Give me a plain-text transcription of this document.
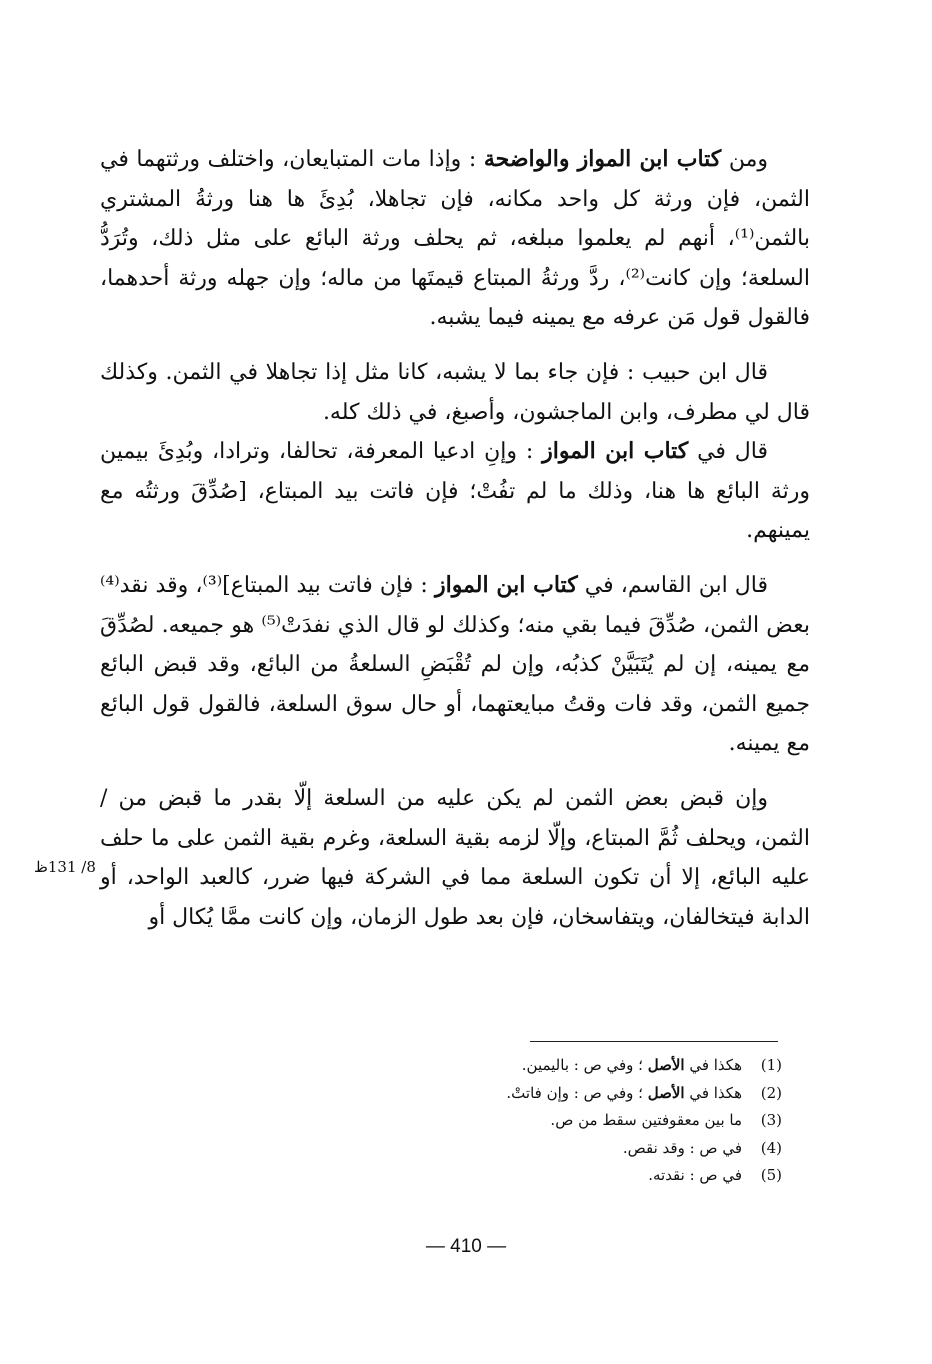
8/ 131ظ

ومن كتاب ابن المواز والواضحة : وإذا مات المتبايعان، واختلف ورثتهما في الثمن، فإن ورثة كل واحد مكانه، فإن تجاهلا، بُدِئَ ها هنا ورثةُ المشتري بالثمن⁽¹⁾، أنهم لم يعلموا مبلغه، ثم يحلف ورثة البائع على مثل ذلك، وتُرَدُّ السلعة؛ وإن كانت⁽²⁾، ردَّ ورثةُ المبتاع قيمتَها من ماله؛ وإن جهله ورثة أحدهما، فالقول قول مَن عرفه مع يمينه فيما يشبه.

قال ابن حبيب : فإن جاء بما لا يشبه، كانا مثل إذا تجاهلا في الثمن. وكذلك قال لي مطرف، وابن الماجشون، وأصبغ، في ذلك كله.

قال في كتاب ابن المواز : وإنِ ادعيا المعرفة، تحالفا، وترادا، وبُدِئَ بيمين ورثة البائع ها هنا، وذلك ما لم تفُتْ؛ فإن فاتت بيد المبتاع، [صُدِّقَ ورثتُه مع يمينهم.

قال ابن القاسم، في كتاب ابن المواز : فإن فاتت بيد المبتاع]⁽³⁾، وقد نقد⁽⁴⁾ بعض الثمن، صُدِّقَ فيما بقي منه؛ وكذلك لو قال الذي نفدَتْ⁽⁵⁾ هو جميعه. لصُدِّقَ مع يمينه، إن لم يُتَبَيَّنْ كذبُه، وإن لم تُقْبَضِ السلعةُ من البائع، وقد قبض البائع جميع الثمن، وقد فات وقتُ مبايعتهما، أو حال سوق السلعة، فالقول قول البائع مع يمينه.

وإن قبض بعض الثمن لم يكن عليه من السلعة إلّا بقدر ما قبض من / الثمن، ويحلف ثُمَّ المبتاع، وإلّا لزمه بقية السلعة، وغرم بقية الثمن على ما حلف عليه البائع، إلا أن تكون السلعة مما في الشركة فيها ضرر، كالعبد الواحد، أو الدابة فيتخالفان، ويتفاسخان، فإن بعد طول الزمان، وإن كانت ممَّا يُكال أو

(1)
هكذا في الأصل ؛ وفي ص : باليمين.
(2)
هكذا في الأصل ؛ وفي ص : وإن فاتتْ.
(3)
ما بين معقوفتين سقط من ص.
(4)
في ص : وقد نقص.
(5)
في ص : نقدته.
— 410 —
